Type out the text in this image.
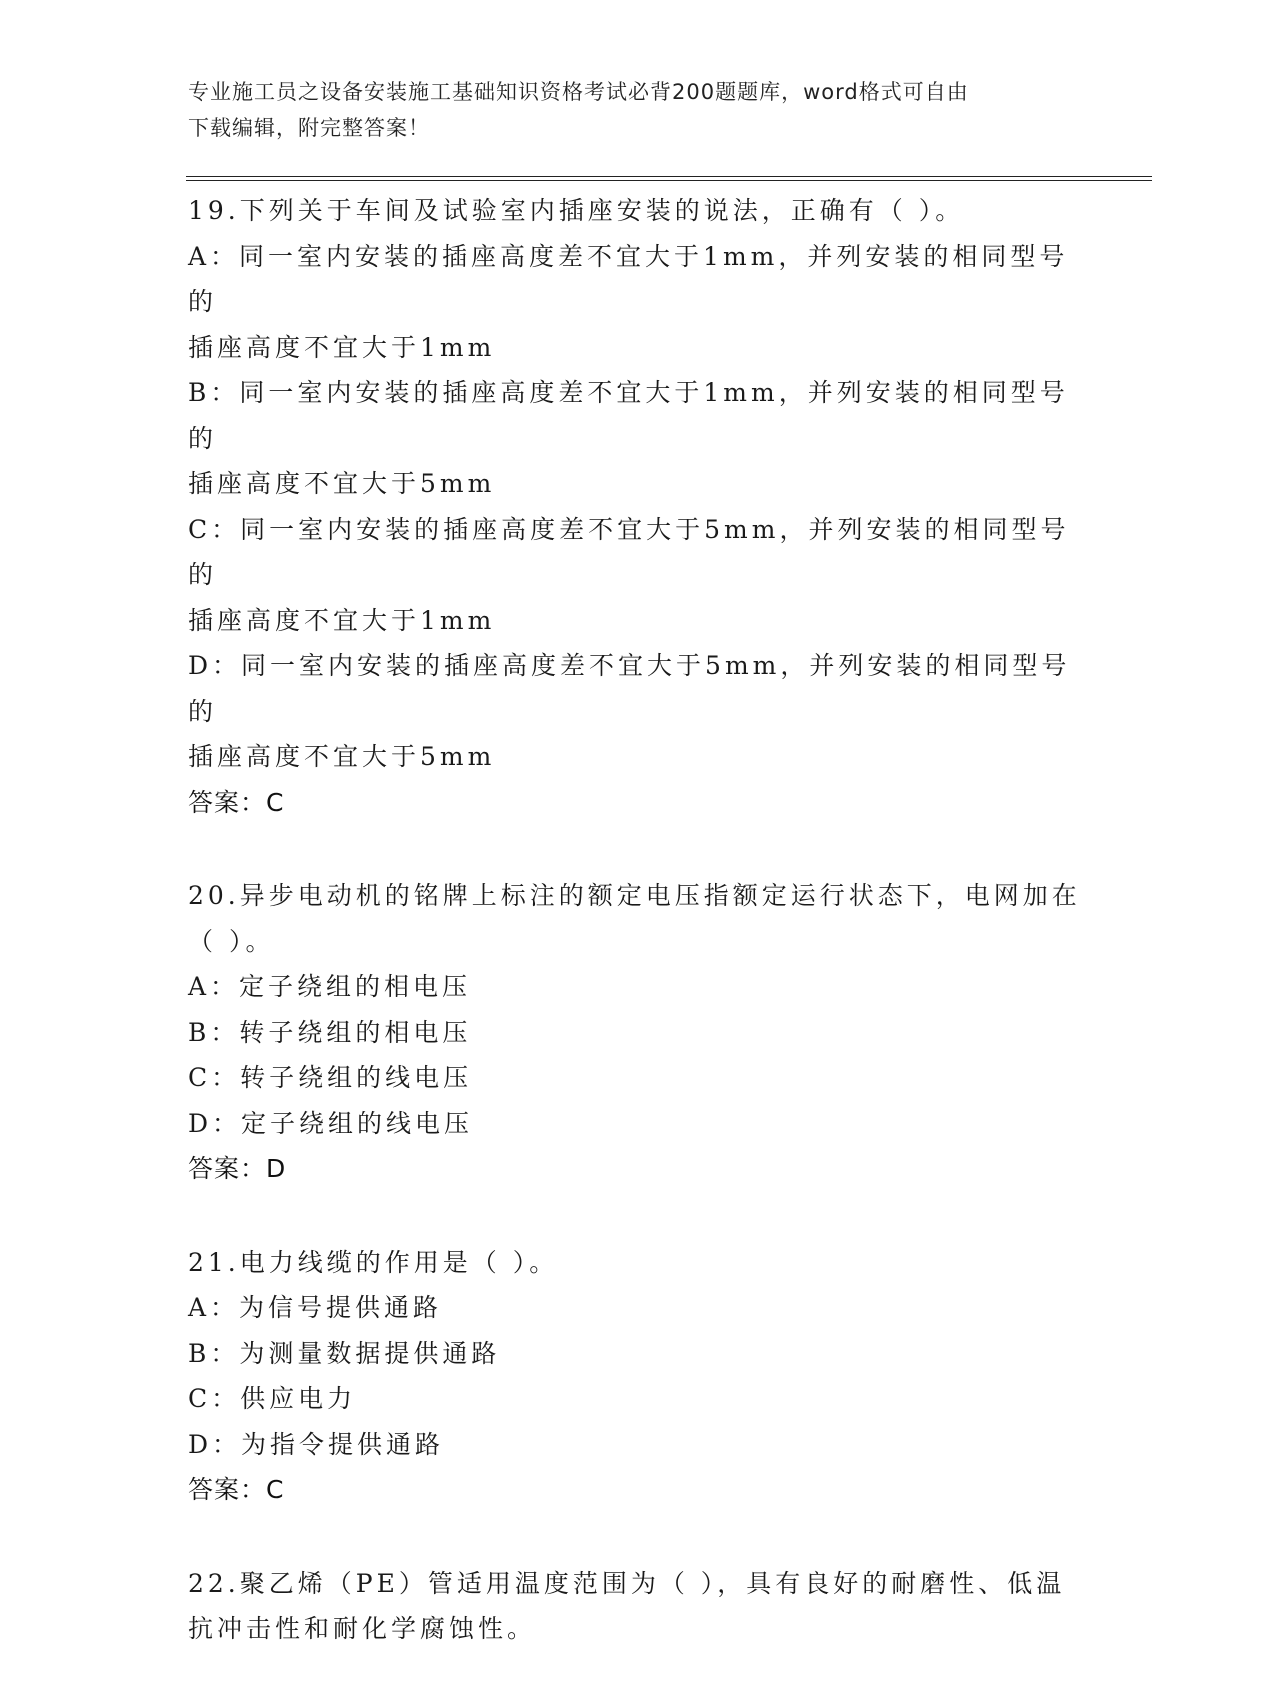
专业施工员之设备安装施工基础知识资格考试必背200题题库，word格式可自由
下载编辑，附完整答案！
19.下列关于车间及试验室内插座安装的说法，正确有（ ）。
A：同一室内安装的插座高度差不宜大于1mm，并列安装的相同型号的
插座高度不宜大于1mm
B：同一室内安装的插座高度差不宜大于1mm，并列安装的相同型号的
插座高度不宜大于5mm
C：同一室内安装的插座高度差不宜大于5mm，并列安装的相同型号的
插座高度不宜大于1mm
D：同一室内安装的插座高度差不宜大于5mm，并列安装的相同型号的
插座高度不宜大于5mm
答案：C
20.异步电动机的铭牌上标注的额定电压指额定运行状态下，电网加在
（ ）。
A：定子绕组的相电压
B：转子绕组的相电压
C：转子绕组的线电压
D：定子绕组的线电压
答案：D
21.电力线缆的作用是（ ）。
A：为信号提供通路
B：为测量数据提供通路
C：供应电力
D：为指令提供通路
答案：C
22.聚乙烯（PE）管适用温度范围为（ ），具有良好的耐磨性、低温
抗冲击性和耐化学腐蚀性。
